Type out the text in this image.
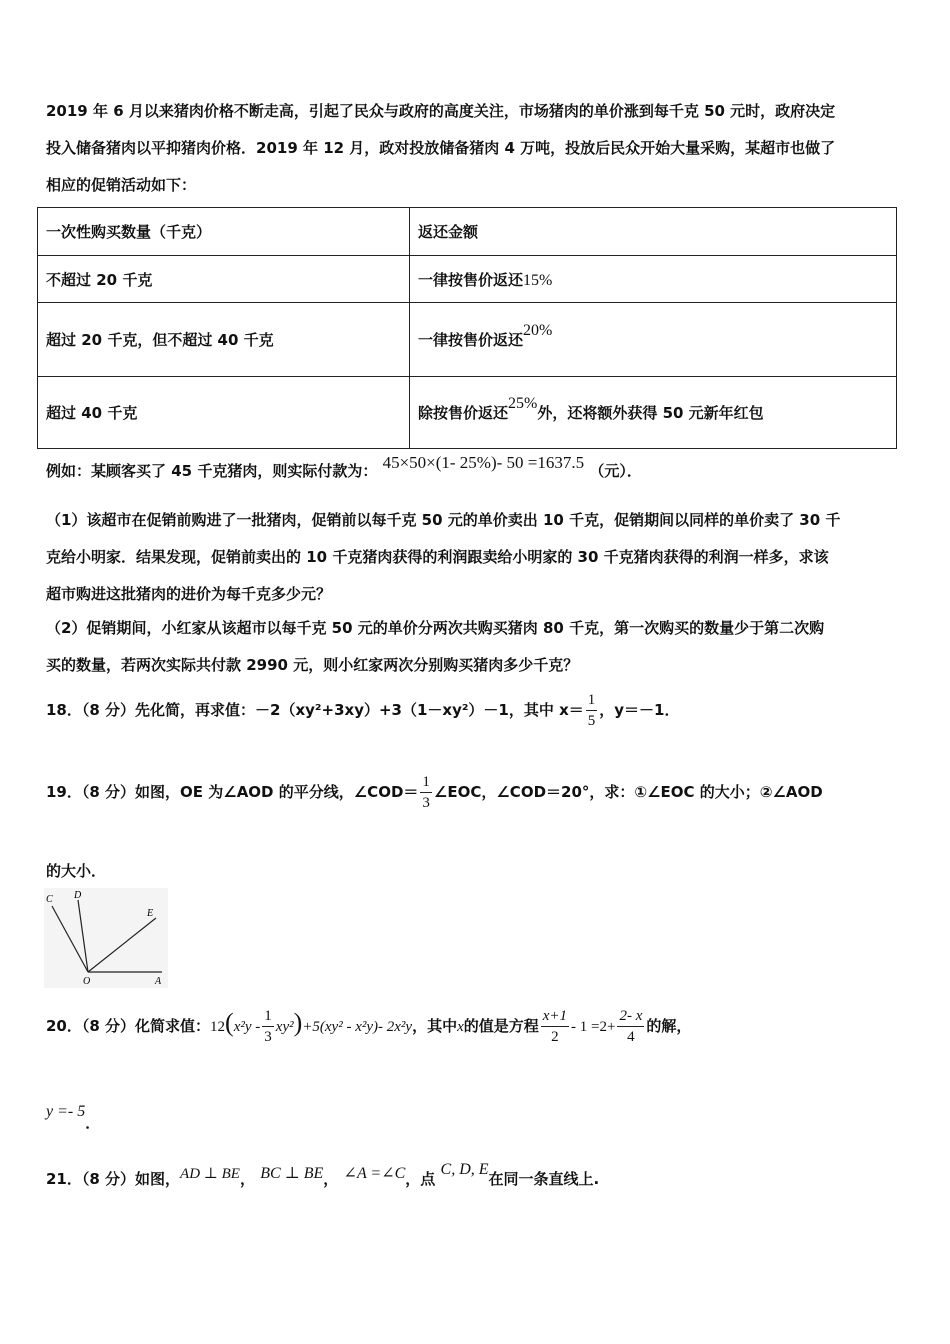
2019 年 6 月以来猪肉价格不断走高，引起了民众与政府的高度关注，市场猪肉的单价涨到每千克 50 元时，政府决定
投入储备猪肉以平抑猪肉价格．2019 年 12 月，政对投放储备猪肉 4 万吨，投放后民众开始大量采购，某超市也做了
相应的促销活动如下：
一次性购买数量（千克）	返还金额
不超过 20 千克	一律按售价返还15%
超过 20 千克，但不超过 40 千克	一律按售价返还20%
超过 40 千克	除按售价返还25%外，还将额外获得 50 元新年红包
例如：某顾客买了 45 千克猪肉，则实际付款为： 45×50×(1- 25%)- 50 =1637.5 （元）．
（1）该超市在促销前购进了一批猪肉，促销前以每千克 50 元的单价卖出 10 千克，促销期间以同样的单价卖了 30 千
克给小明家．结果发现，促销前卖出的 10 千克猪肉获得的利润跟卖给小明家的 30 千克猪肉获得的利润一样多，求该
超市购进这批猪肉的进价为每千克多少元？
（2）促销期间，小红家从该超市以每千克 50 元的单价分两次共购买猪肉 80 千克，第一次购买的数量少于第二次购
买的数量，若两次实际共付款 2990 元，则小红家两次分别购买猪肉多少千克？
18．（8 分）先化简，再求值：－2（xy²+3xy）+3（1－xy²）－1，其中 $x= \frac{1}{5}$ ，y＝－1．
19．（8 分）如图，OE 为∠AOD 的平分线，∠COD＝ $\frac{1}{3}$ ∠EOC，∠COD＝20°，求：①∠EOC 的大小；②∠AOD
的大小．
C D
E
O	A
20．（8 分）化简求值：$12(x^2y - \frac{1}{3} xy^2)+5(xy^2 - x^2y)-$ 2x²y，其中x的值是方程 $\frac{x+1}{2} - 1 =2+ \frac{2- x}{4}$ 的解，
y =- 5．
21．（8 分）如图，AD ⊥ BE， BC ⊥ BE， ∠A =∠C，点 C, D, E在同一条直线上.
